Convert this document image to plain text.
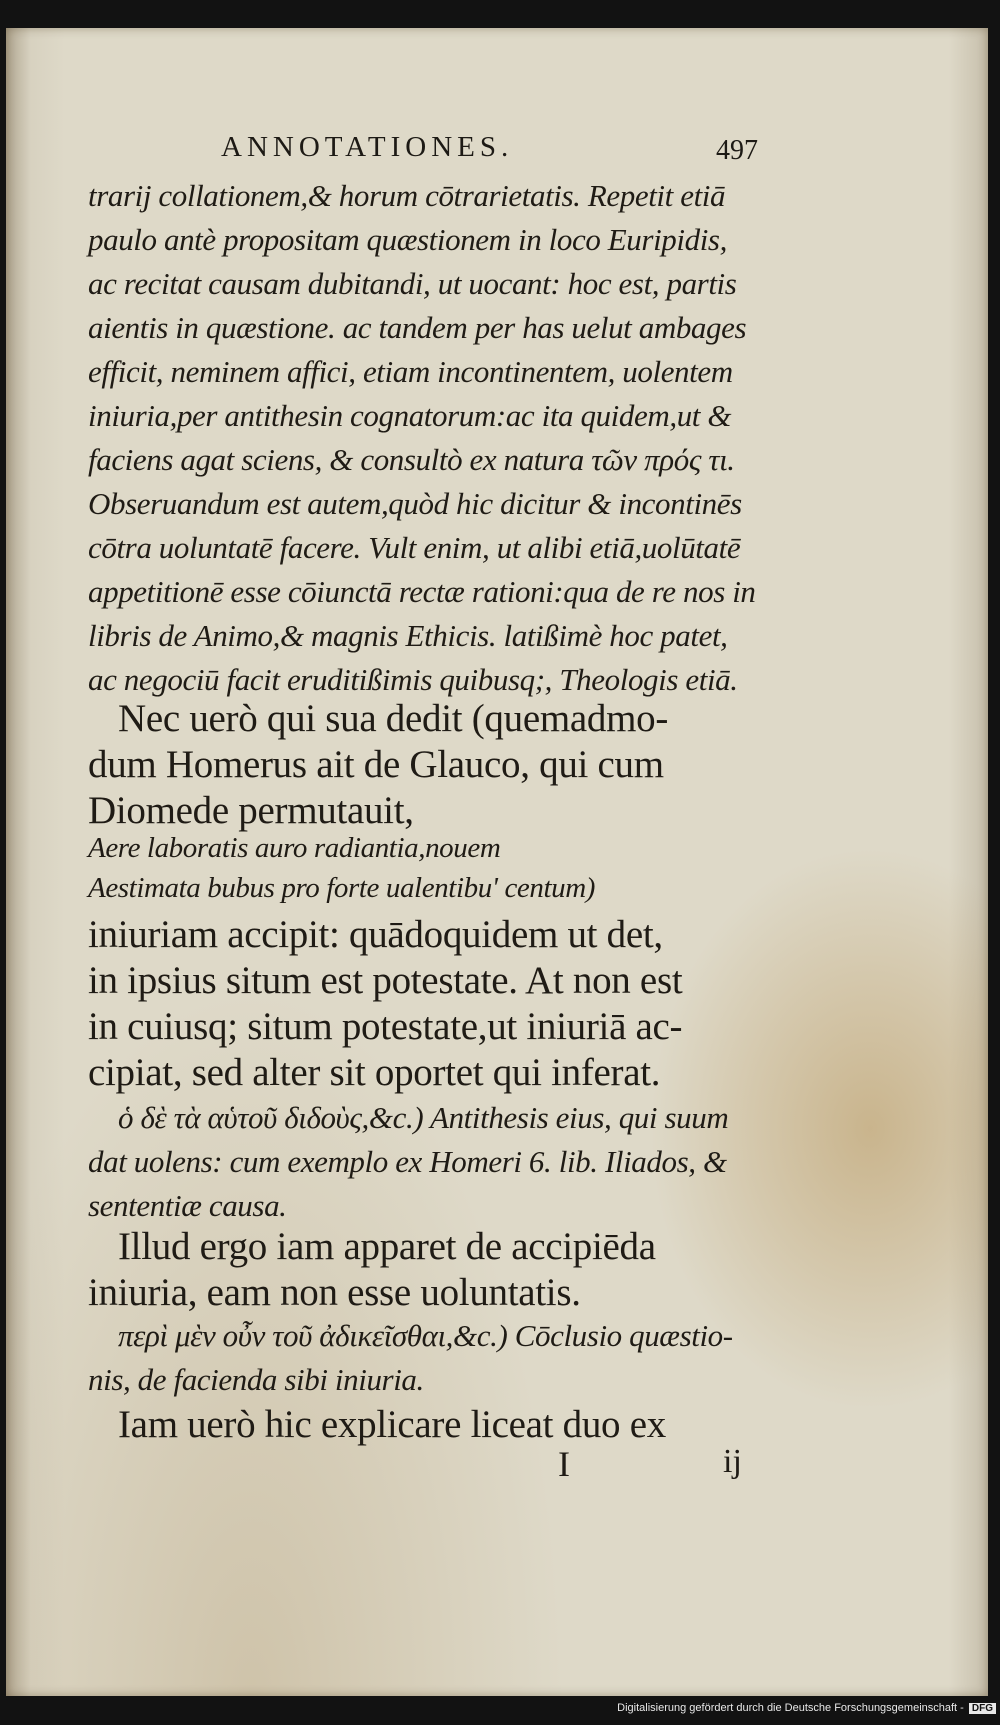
ANNOTATIONES.	497
trarij collationem,& horum cōtrarietatis. Repetit etiā
paulo antè propositam quæstionem in loco Euripidis,
ac recitat causam dubitandi, ut uocant: hoc est, partis
aientis in quæstione. ac tandem per has uelut ambages
efficit, neminem affici, etiam incontinentem, uolentem
iniuria,per antithesin cognatorum:ac ita quidem,ut &
faciens agat sciens, & consultò ex natura τῶν πρός τι.
Obseruandum est autem,quòd hic dicitur & incontinēs
cōtra uoluntatē facere. Vult enim, ut alibi etiā,uolūtatē
appetitionē esse cōiunctā rectæ rationi:qua de re nos in
libris de Animo,& magnis Ethicis. latißimè hoc patet,
ac negociū facit eruditißimis quibusq;, Theologis etiā.
Nec uerò qui sua dedit (quemadmo-
dum Homerus ait de Glauco, qui cum
Diomede permutauit,
Aere laboratis auro radiantia,nouem
Aestimata bubus pro forte ualentibu' centum)
iniuriam accipit: quādoquidem ut det,
in ipsius situm est potestate. At non est
in cuiusq; situm potestate,ut iniuriā ac-
cipiat, sed alter sit oportet qui inferat.
ὁ δὲ τὰ αὑτοῦ διδοὺς,&c.) Antithesis eius, qui suum
dat uolens: cum exemplo ex Homeri 6. lib. Iliados, &
sententiæ causa.
Illud ergo iam apparet de accipiēda
iniuria, eam non esse uoluntatis.
περὶ μὲν οὖν τοῦ ἀδικεῖσθαι,&c.) Cōclusio quæstio-
nis, de facienda sibi iniuria.
Iam uerò hic explicare liceat duo ex
I	ij
Digitalisierung gefördert durch die Deutsche Forschungsgemeinschaft - DFG
